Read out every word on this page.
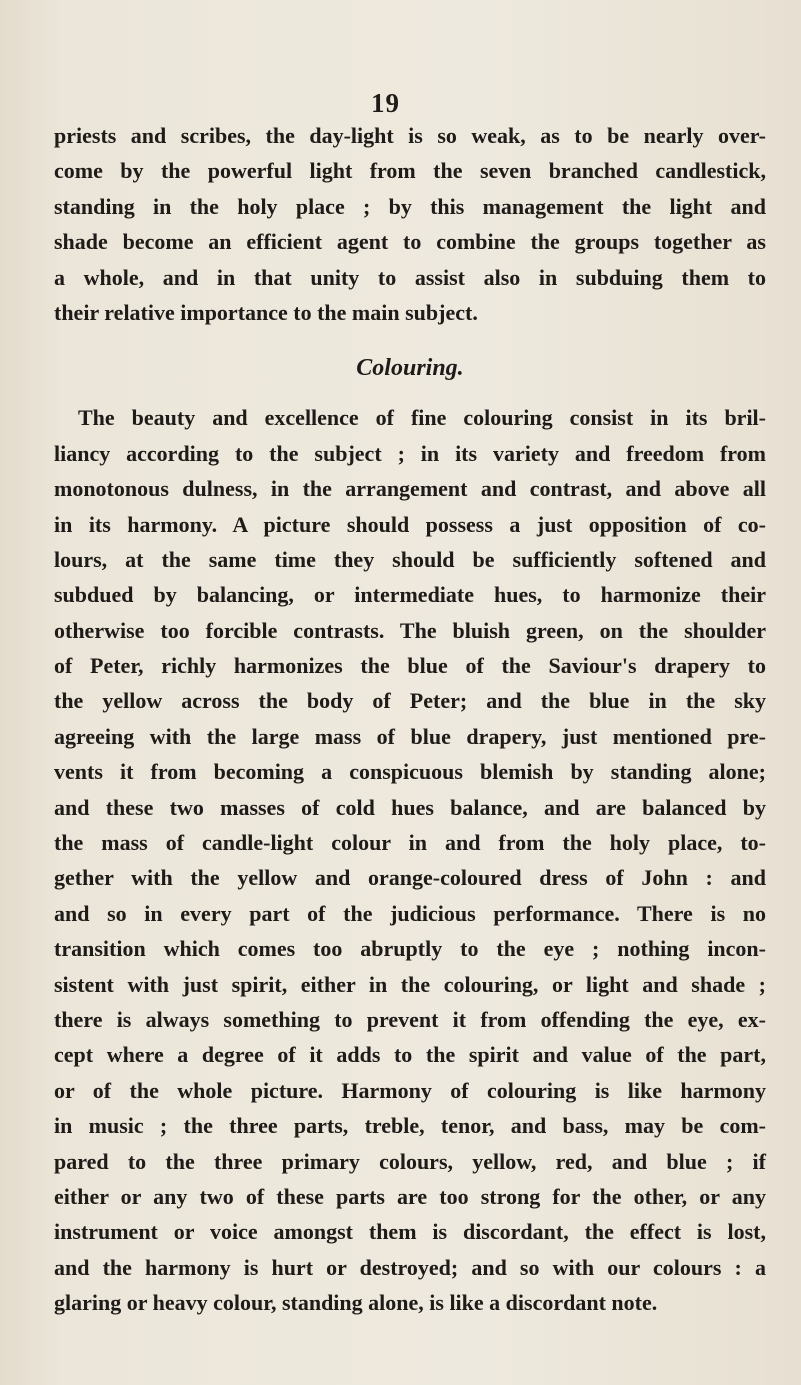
19
priests and scribes, the day-light is so weak, as to be nearly over-
come by the powerful light from the seven branched candlestick,
standing in the holy place ; by this management the light and
shade become an efficient agent to combine the groups together as
a whole, and in that unity to assist also in subduing them to
their relative importance to the main subject.
Colouring.
The beauty and excellence of fine colouring consist in its bril-
liancy according to the subject ; in its variety and freedom from
monotonous dulness, in the arrangement and contrast, and above all
in its harmony. A picture should possess a just opposition of co-
lours, at the same time they should be sufficiently softened and
subdued by balancing, or intermediate hues, to harmonize their
otherwise too forcible contrasts. The bluish green, on the shoulder
of Peter, richly harmonizes the blue of the Saviour's drapery to
the yellow across the body of Peter; and the blue in the sky
agreeing with the large mass of blue drapery, just mentioned pre-
vents it from becoming a conspicuous blemish by standing alone;
and these two masses of cold hues balance, and are balanced by
the mass of candle-light colour in and from the holy place, to-
gether with the yellow and orange-coloured dress of John : and
and so in every part of the judicious performance. There is no
transition which comes too abruptly to the eye ; nothing incon-
sistent with just spirit, either in the colouring, or light and shade ;
there is always something to prevent it from offending the eye, ex-
cept where a degree of it adds to the spirit and value of the part,
or of the whole picture. Harmony of colouring is like harmony
in music ; the three parts, treble, tenor, and bass, may be com-
pared to the three primary colours, yellow, red, and blue ; if
either or any two of these parts are too strong for the other, or any
instrument or voice amongst them is discordant, the effect is lost,
and the harmony is hurt or destroyed; and so with our colours : a
glaring or heavy colour, standing alone, is like a discordant note.
